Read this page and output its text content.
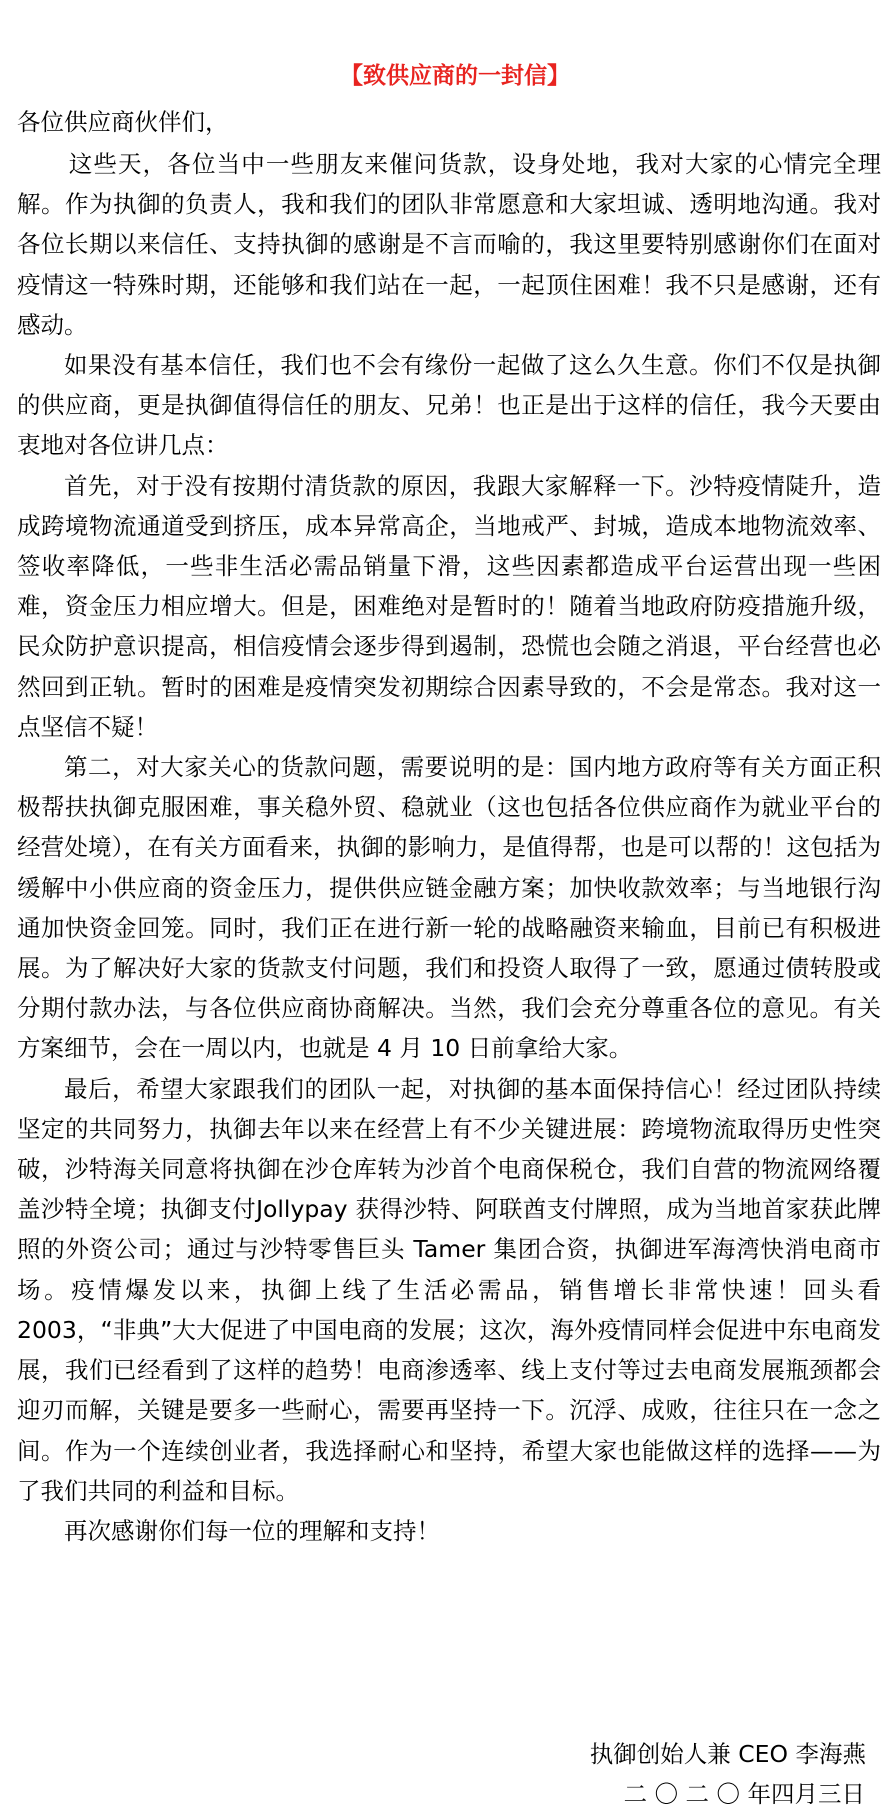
【致供应商的一封信】

各位供应商伙伴们，

这些天，各位当中一些朋友来催问货款，设身处地，我对大家的心情完全理解。作为执御的负责人，我和我们的团队非常愿意和大家坦诚、透明地沟通。我对各位长期以来信任、支持执御的感谢是不言而喻的，我这里要特别感谢你们在面对疫情这一特殊时期，还能够和我们站在一起，一起顶住困难！我不只是感谢，还有感动。

如果没有基本信任，我们也不会有缘份一起做了这么久生意。你们不仅是执御的供应商，更是执御值得信任的朋友、兄弟！也正是出于这样的信任，我今天要由衷地对各位讲几点：

首先，对于没有按期付清货款的原因，我跟大家解释一下。沙特疫情陡升，造成跨境物流通道受到挤压，成本异常高企，当地戒严、封城，造成本地物流效率、签收率降低，一些非生活必需品销量下滑，这些因素都造成平台运营出现一些困难，资金压力相应增大。但是，困难绝对是暂时的！随着当地政府防疫措施升级，民众防护意识提高，相信疫情会逐步得到遏制，恐慌也会随之消退，平台经营也必然回到正轨。暂时的困难是疫情突发初期综合因素导致的，不会是常态。我对这一点坚信不疑！

第二，对大家关心的货款问题，需要说明的是：国内地方政府等有关方面正积极帮扶执御克服困难，事关稳外贸、稳就业（这也包括各位供应商作为就业平台的经营处境），在有关方面看来，执御的影响力，是值得帮，也是可以帮的！这包括为缓解中小供应商的资金压力，提供供应链金融方案；加快收款效率；与当地银行沟通加快资金回笼。同时，我们正在进行新一轮的战略融资来输血，目前已有积极进展。为了解决好大家的货款支付问题，我们和投资人取得了一致，愿通过债转股或分期付款办法，与各位供应商协商解决。当然，我们会充分尊重各位的意见。有关方案细节，会在一周以内，也就是 4 月 10 日前拿给大家。

最后，希望大家跟我们的团队一起，对执御的基本面保持信心！经过团队持续坚定的共同努力，执御去年以来在经营上有不少关键进展：跨境物流取得历史性突破，沙特海关同意将执御在沙仓库转为沙首个电商保税仓，我们自营的物流网络覆盖沙特全境；执御支付Jollypay 获得沙特、阿联酋支付牌照，成为当地首家获此牌照的外资公司；通过与沙特零售巨头 Tamer 集团合资，执御进军海湾快消电商市场。疫情爆发以来，执御上线了生活必需品，销售增长非常快速！回头看 2003，“非典”大大促进了中国电商的发展；这次，海外疫情同样会促进中东电商发展，我们已经看到了这样的趋势！电商渗透率、线上支付等过去电商发展瓶颈都会迎刃而解，关键是要多一些耐心，需要再坚持一下。沉浮、成败，往往只在一念之间。作为一个连续创业者，我选择耐心和坚持，希望大家也能做这样的选择——为了我们共同的利益和目标。

再次感谢你们每一位的理解和支持！

执御创始人兼 CEO 李海燕
二 〇 二 〇 年四月三日
